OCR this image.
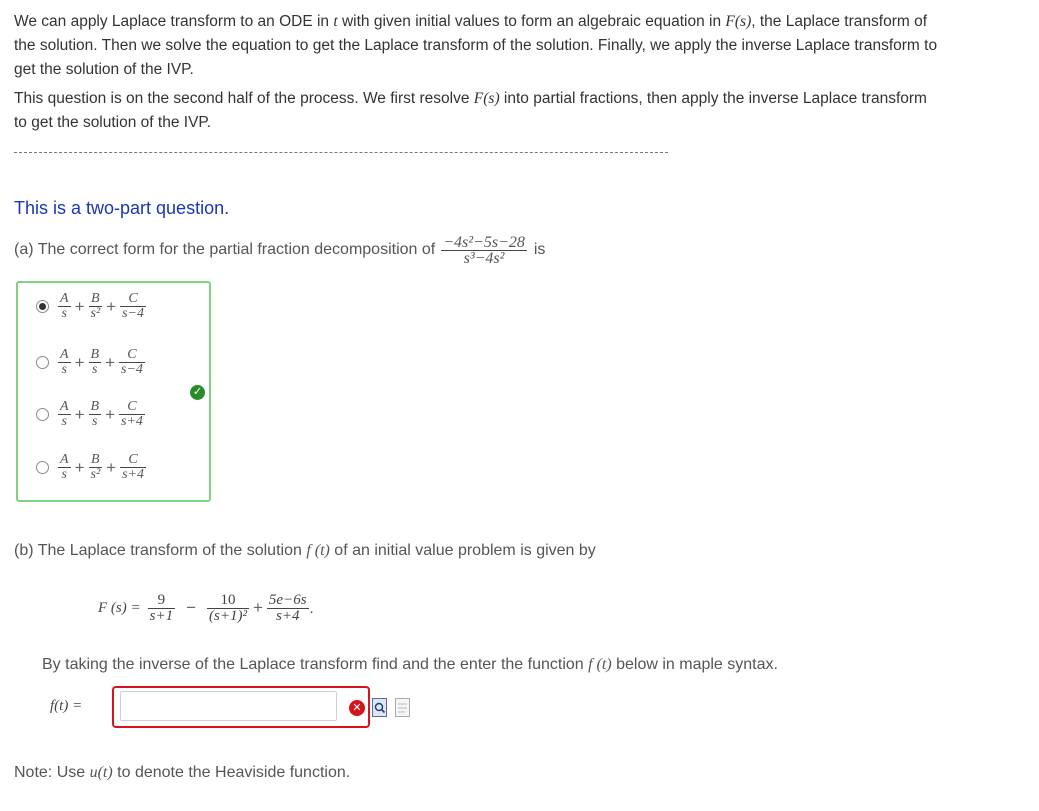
We can apply Laplace transform to an ODE in t with given initial values to form an algebraic equation in F(s), the Laplace transform of
the solution. Then we solve the equation to get the Laplace transform of the solution. Finally, we apply the inverse Laplace transform to
get the solution of the IVP.
This question is on the second half of the process. We first resolve F(s) into partial fractions, then apply the inverse Laplace transform
to get the solution of the IVP.
This is a two-part question.
(a) The correct form for the partial fraction decomposition of $\frac{\text{−4s²−5s−28}}{\text{s³−4s²}}$ is
$\frac{A}{s} + \frac{B}{\text{s²}} + \frac{C}{s-4}$
$\frac{A}{s} + \frac{B}{s} + \frac{C}{s-4}$
$\frac{A}{s} + \frac{B}{s} + \frac{C}{s+4}$
$\frac{A}{s} + \frac{B}{\text{s²}} + \frac{C}{s+4}$
✓
(b) The Laplace transform of the solution f (t) of an initial value problem is given by
F $(s) = \frac{9}{s+1} - \frac{10}{\text{(s+1)²}} + \frac{5e-6s}{s+4}$ .
By taking the inverse of the Laplace transform find and the enter the function f (t) below in maple syntax.
f(t) =	✕
Note: Use u(t) to denote the Heaviside function.
